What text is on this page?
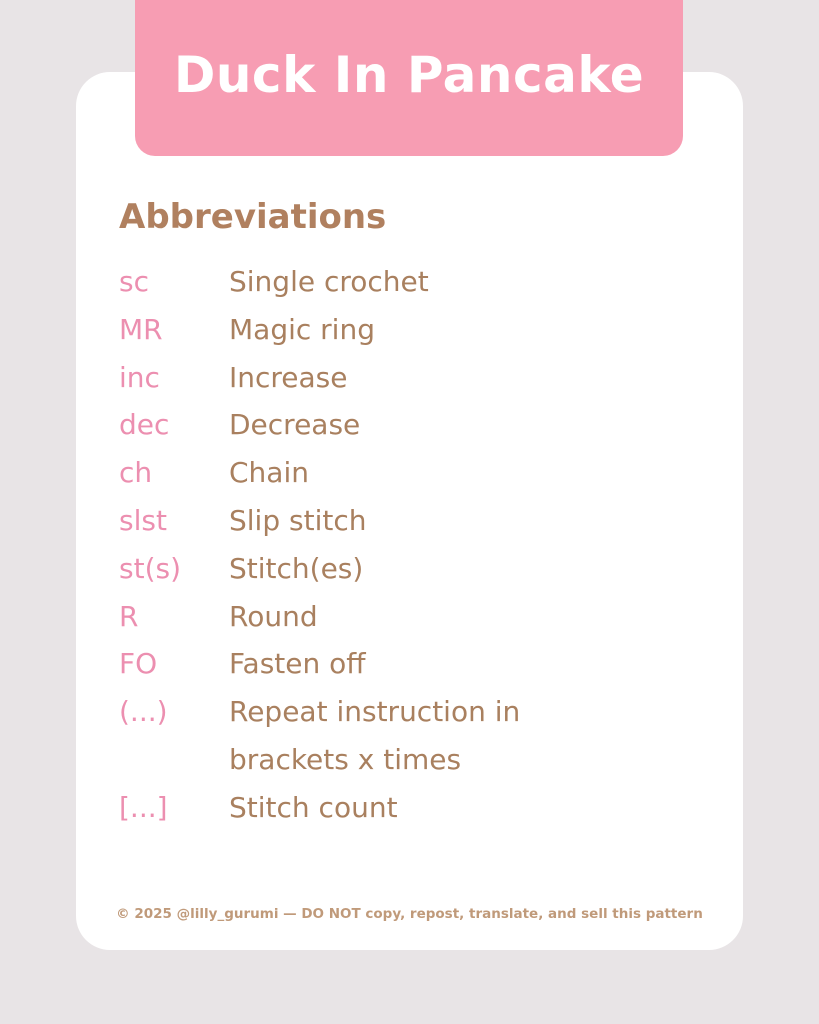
Duck In Pancake
Abbreviations
sc	Single crochet
MR	Magic ring
inc	Increase
dec	Decrease
ch	Chain
slst	Slip stitch
st(s)	Stitch(es)
R	Round
FO	Fasten off
(...)	Repeat instruction in brackets x times
[...]	Stitch count
© 2025 @lilly_gurumi — DO NOT copy, repost, translate, and sell this pattern
